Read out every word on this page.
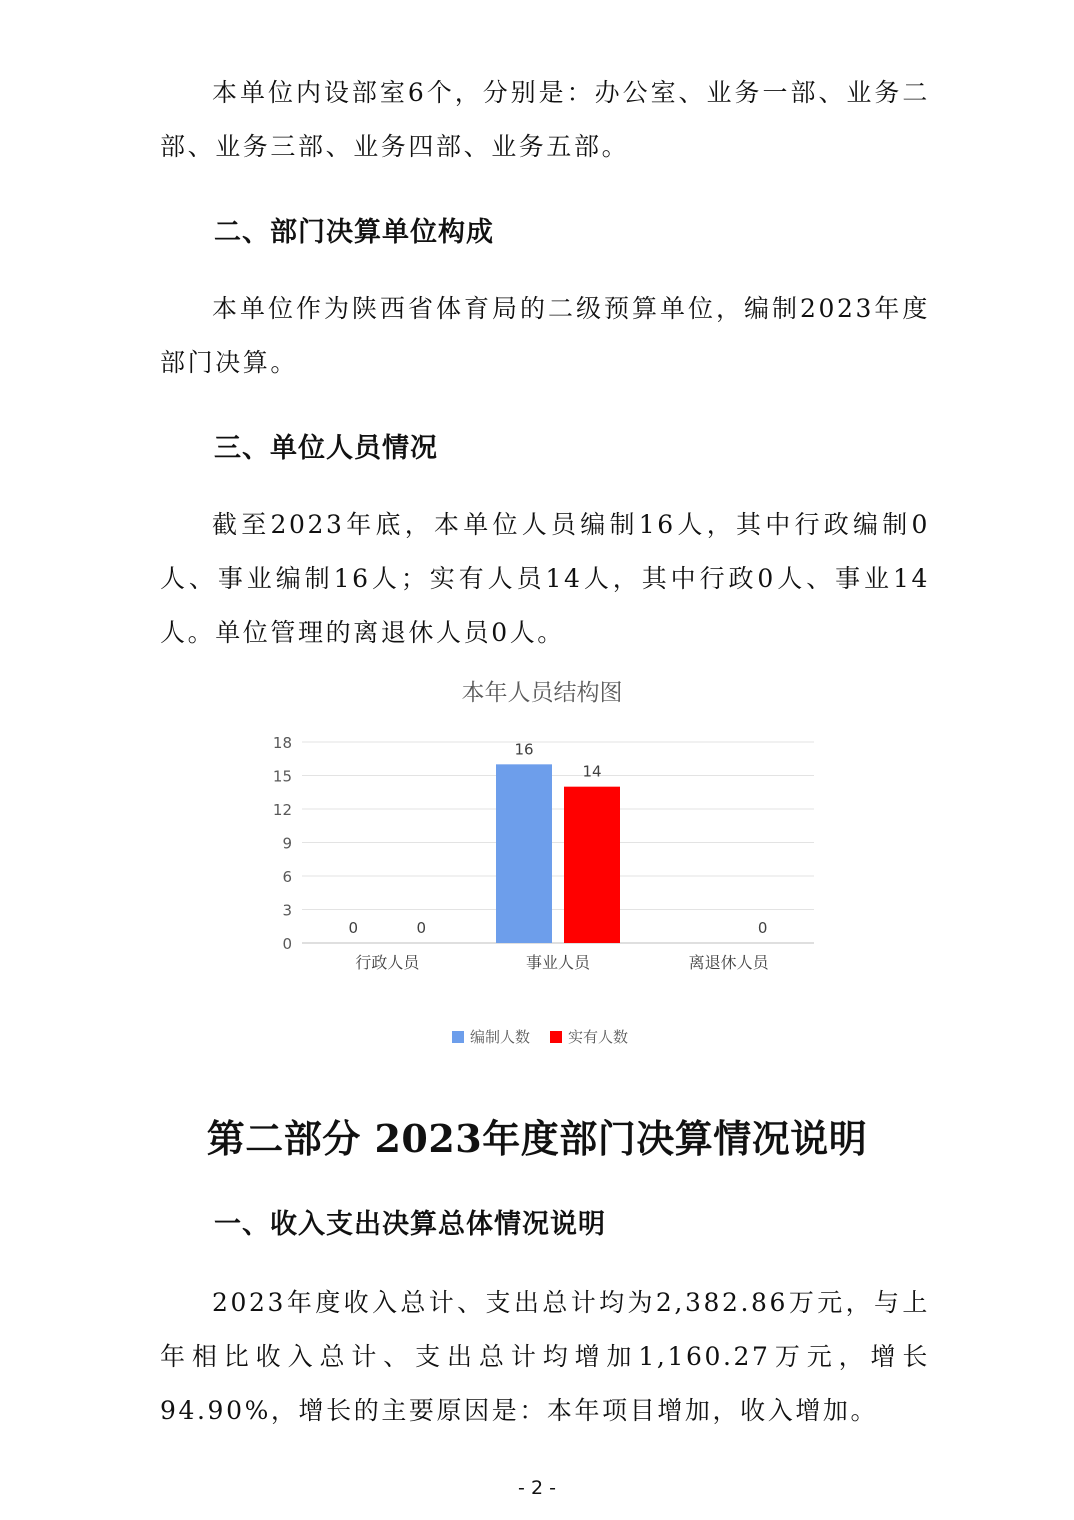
本单位内设部室6个，分别是：办公室、业务一部、业务二部、业务三部、业务四部、业务五部。

二、部门决算单位构成

本单位作为陕西省体育局的二级预算单位，编制2023年度部门决算。

三、单位人员情况

截至2023年底，本单位人员编制16人，其中行政编制0人、事业编制16人；实有人员14人，其中行政0人、事业14人。单位管理的离退休人员0人。

本年人员结构图
0
3
6
9
12
15
18
行政人员
0	0
事业人员
16
14
离退休人员
0
编制人数	实有人数
第二部分 2023年度部门决算情况说明
一、收入支出决算总体情况说明

2023年度收入总计、支出总计均为2,382.86万元，与上年相比收入总计、支出总计均增加1,160.27万元，增长94.90%，增长的主要原因是：本年项目增加，收入增加。

- 2 -
